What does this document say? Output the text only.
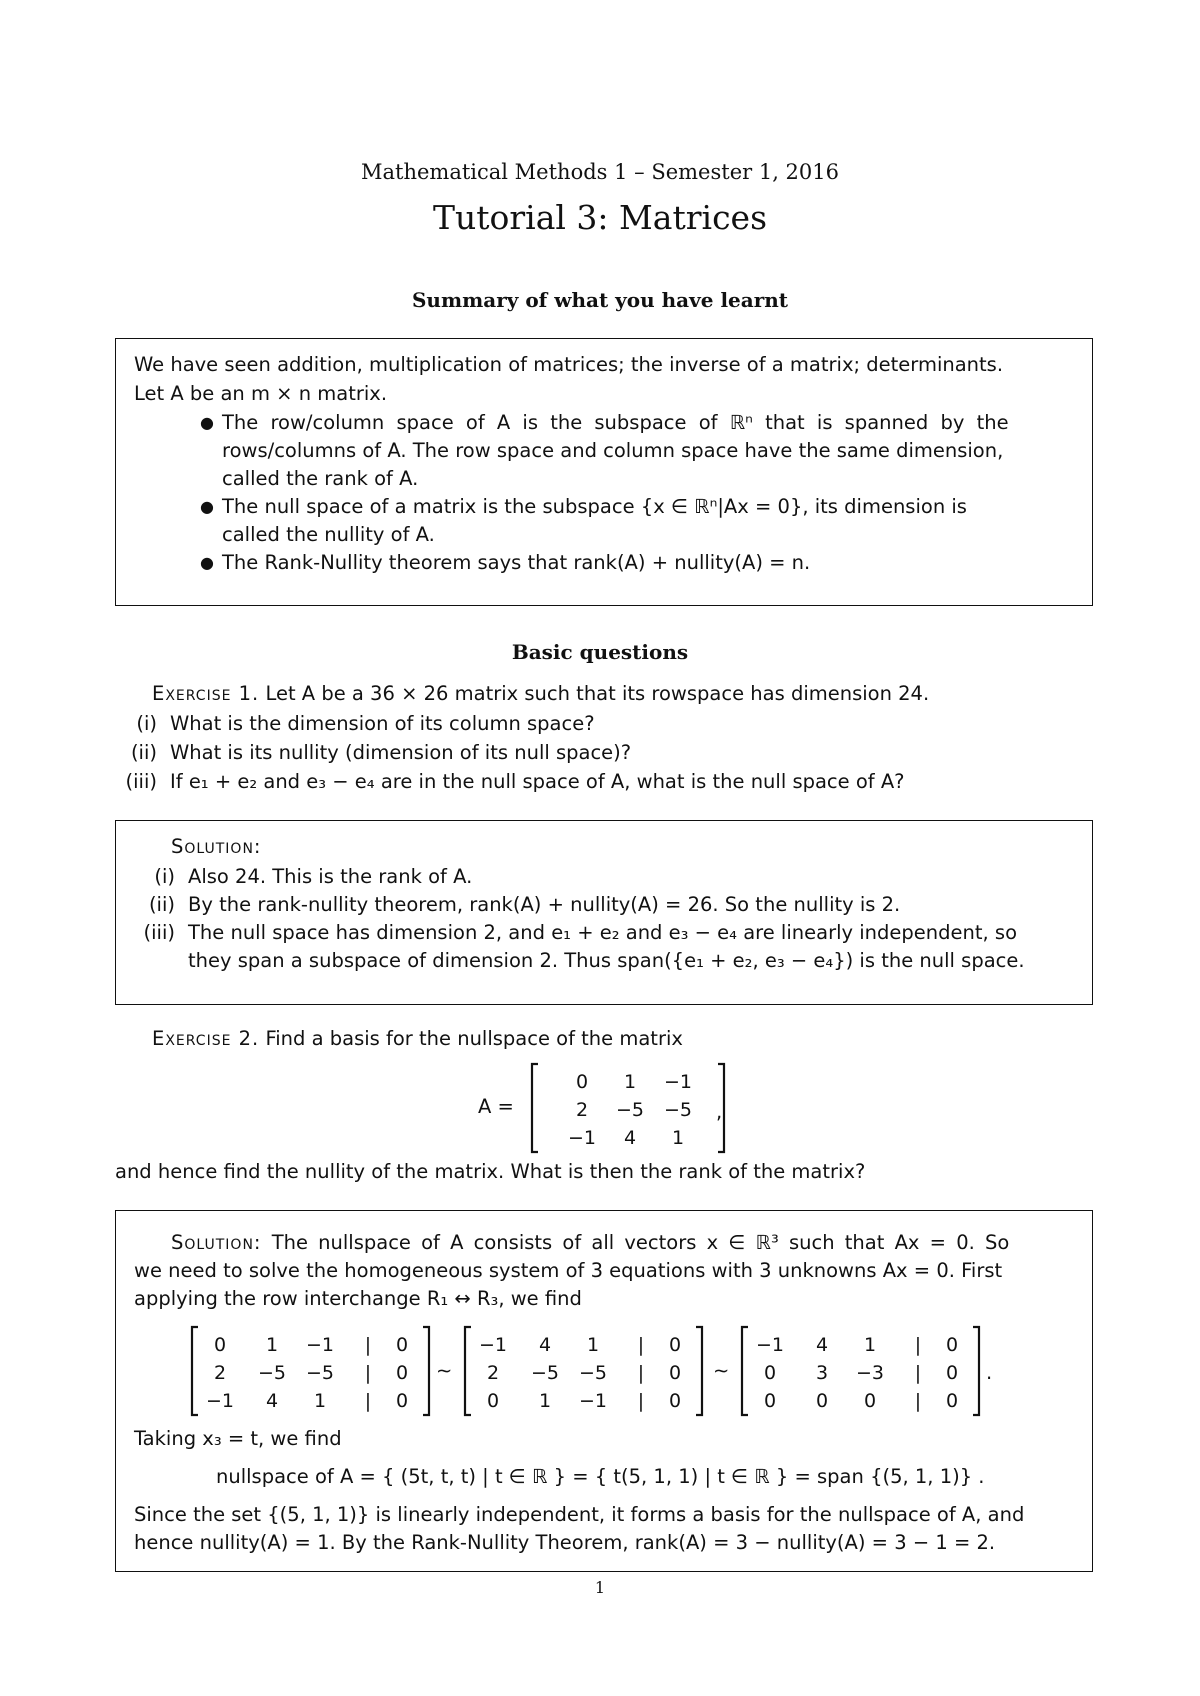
Mathematical Methods 1 – Semester 1, 2016
Tutorial 3: Matrices
Summary of what you have learnt
We have seen addition, multiplication of matrices; the inverse of a matrix; determinants.
Let A be an m × n matrix.
● The row/column space of A is the subspace of ℝⁿ that is spanned by the
rows/columns of A. The row space and column space have the same dimension,
called the rank of A.
● The null space of a matrix is the subspace {x ∈ ℝⁿ|Ax = 0}, its dimension is
called the nullity of A.
● The Rank-Nullity theorem says that rank(A) + nullity(A) = n.
Basic questions
Exercise 1. Let A be a 36 × 26 matrix such that its rowspace has dimension 24.
(i) What is the dimension of its column space?
(ii) What is its nullity (dimension of its null space)?
(iii) If e₁ + e₂ and e₃ − e₄ are in the null space of A, what is the null space of A?
Solution:
(i) Also 24. This is the rank of A.
(ii) By the rank-nullity theorem, rank(A) + nullity(A) = 26. So the nullity is 2.
(iii) The null space has dimension 2, and e₁ + e₂ and e₃ − e₄ are linearly independent, so
they span a subspace of dimension 2. Thus span({e₁ + e₂, e₃ − e₄}) is the null space.
Exercise 2. Find a basis for the nullspace of the matrix
A =
0 1 −1
2 −5 −5
−1 4 1
,
and hence find the nullity of the matrix. What is then the rank of the matrix?
Solution: The nullspace of A consists of all vectors x ∈ ℝ³ such that Ax = 0. So
we need to solve the homogeneous system of 3 equations with 3 unknowns Ax = 0. First
applying the row interchange R₁ ↔ R₃, we find
0 1 −1 | 0
2 −5 −5 | 0
−1 4 1 | 0
∼
−1 4 1 | 0
2 −5 −5 | 0
0 1 −1 | 0
∼
−1 4 1 | 0
0 3 −3 | 0
0 0 0 | 0
.
Taking x₃ = t, we find
nullspace of A = { (5t, t, t) | t ∈ ℝ } = { t(5, 1, 1) | t ∈ ℝ } = span {(5, 1, 1)} .
Since the set {(5, 1, 1)} is linearly independent, it forms a basis for the nullspace of A, and
hence nullity(A) = 1. By the Rank-Nullity Theorem, rank(A) = 3 − nullity(A) = 3 − 1 = 2.
1
